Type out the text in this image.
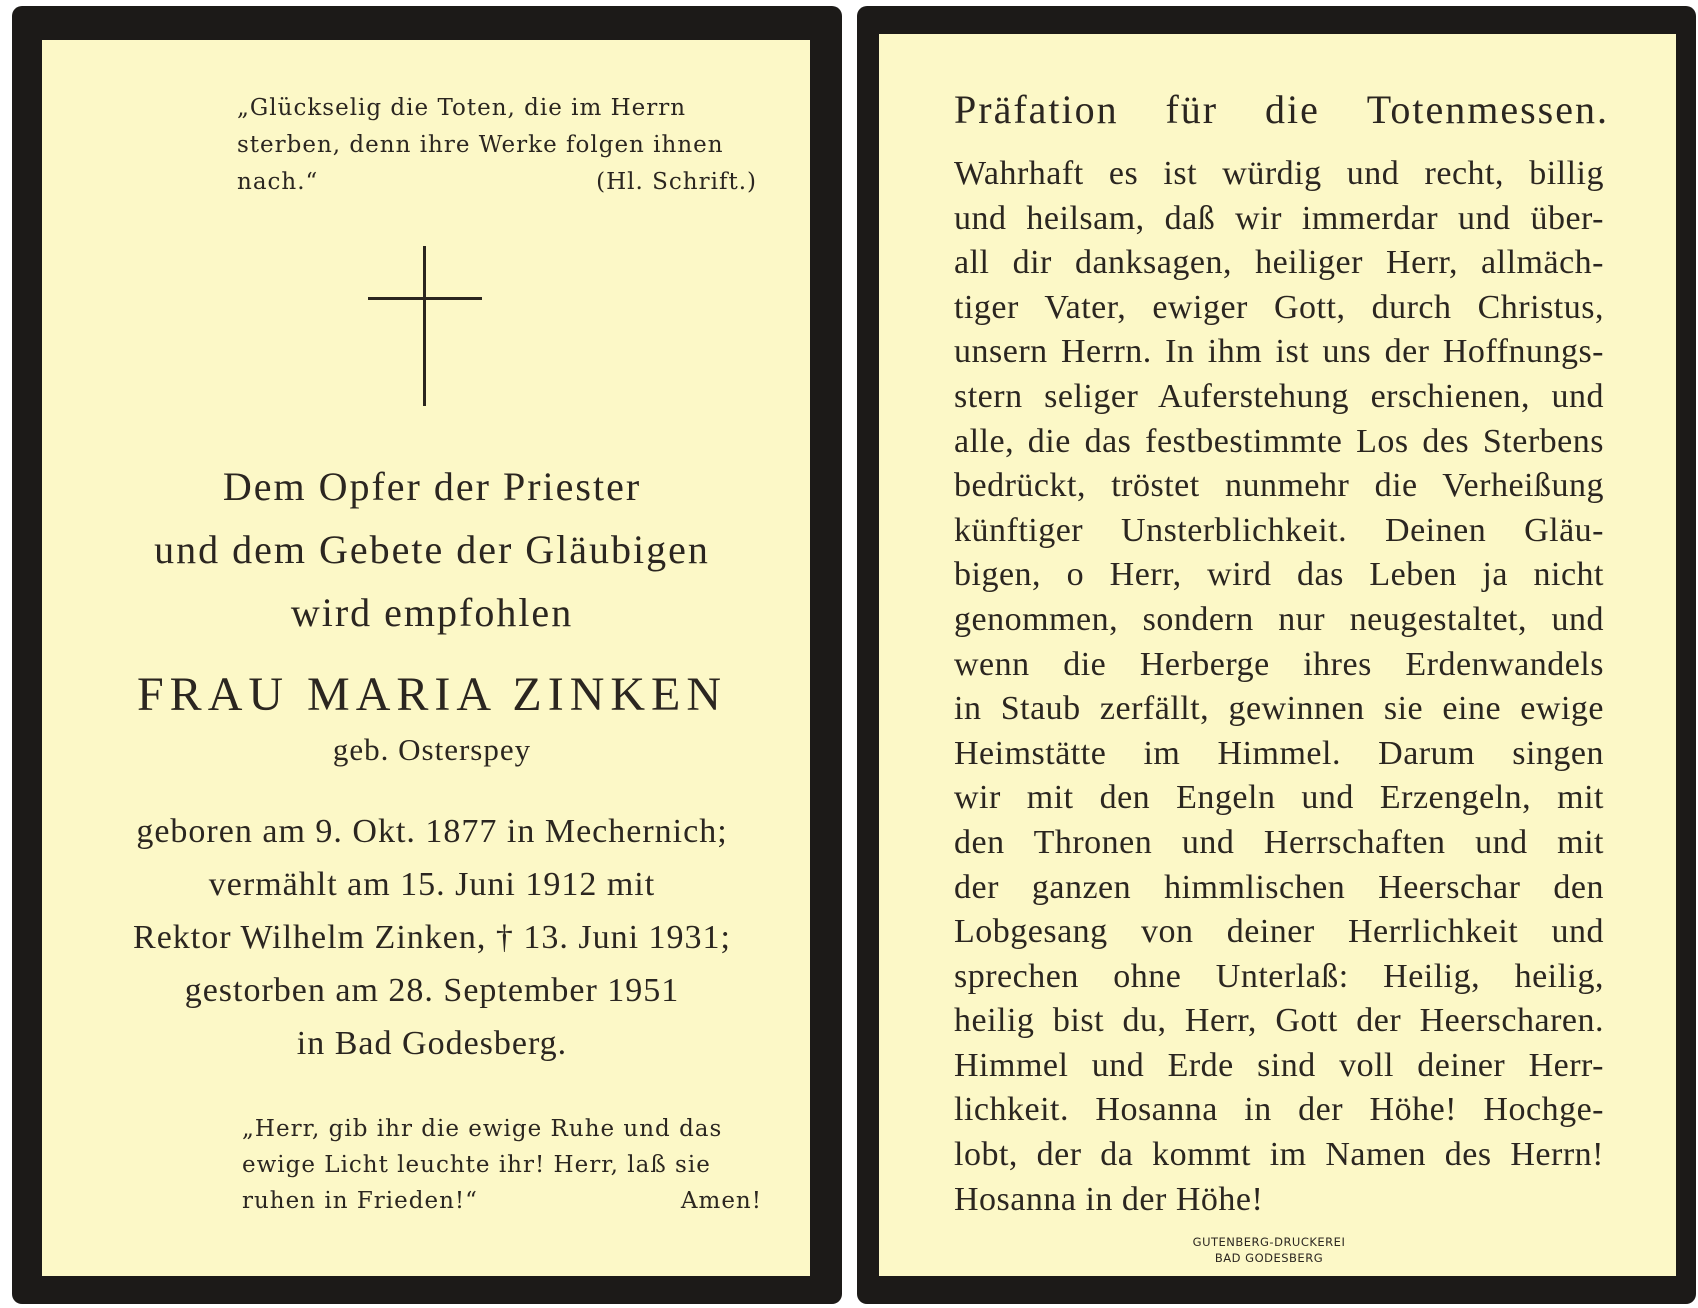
„Glückselig die Toten, die im Herrn
sterben, denn ihre Werke folgen ihnen
nach.“	(Hl. Schrift.)
Dem Opfer der Priester
und dem Gebete der Gläubigen
wird empfohlen
FRAU MARIA ZINKEN
geb. Osterspey
geboren am 9. Okt. 1877 in Mechernich;
vermählt am 15. Juni 1912 mit
Rektor Wilhelm Zinken, † 13. Juni 1931;
gestorben am 28. September 1951
in Bad Godesberg.
„Herr, gib ihr die ewige Ruhe und das
ewige Licht leuchte ihr! Herr, laß sie
ruhen in Frieden!“	Amen!
Präfation für die Totenmessen.
Wahrhaft es ist würdig und recht, billig
und heilsam, daß wir immerdar und über-
all dir danksagen, heiliger Herr, allmäch-
tiger Vater, ewiger Gott, durch Christus,
unsern Herrn. In ihm ist uns der Hoffnungs-
stern seliger Auferstehung erschienen, und
alle, die das festbestimmte Los des Sterbens
bedrückt, tröstet nunmehr die Verheißung
künftiger Unsterblichkeit. Deinen Gläu-
bigen, o Herr, wird das Leben ja nicht
genommen, sondern nur neugestaltet, und
wenn die Herberge ihres Erdenwandels
in Staub zerfällt, gewinnen sie eine ewige
Heimstätte im Himmel. Darum singen
wir mit den Engeln und Erzengeln, mit
den Thronen und Herrschaften und mit
der ganzen himmlischen Heerschar den
Lobgesang von deiner Herrlichkeit und
sprechen ohne Unterlaß: Heilig, heilig,
heilig bist du, Herr, Gott der Heerscharen.
Himmel und Erde sind voll deiner Herr-
lichkeit. Hosanna in der Höhe! Hochge-
lobt, der da kommt im Namen des Herrn!
Hosanna in der Höhe!
GUTENBERG-DRUCKEREI
BAD GODESBERG
